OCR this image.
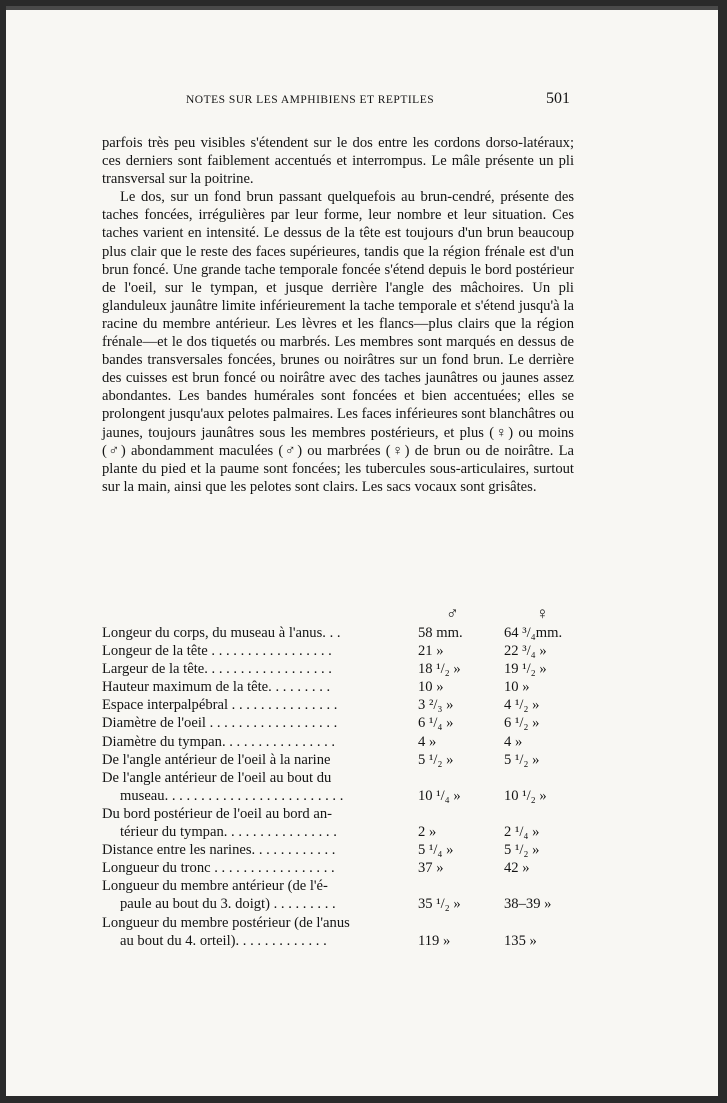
NOTES SUR LES AMPHIBIENS ET REPTILES	501

parfois très peu visibles s'étendent sur le dos entre les cordons dorso-latéraux; ces derniers sont faiblement accentués et interrompus. Le mâle présente un pli transversal sur la poitrine.

Le dos, sur un fond brun passant quelquefois au brun-cendré, présente des taches foncées, irrégulières par leur forme, leur nombre et leur situation. Ces taches varient en intensité. Le dessus de la tête est toujours d'un brun beaucoup plus clair que le reste des faces supérieures, tandis que la région frénale est d'un brun foncé. Une grande tache temporale foncée s'étend depuis le bord postérieur de l'oeil, sur le tympan, et jusque derrière l'angle des mâchoires. Un pli glanduleux jaunâtre limite inférieurement la tache temporale et s'étend jusqu'à la racine du membre antérieur. Les lèvres et les flancs—plus clairs que la région frénale—et le dos tiquetés ou marbrés. Les membres sont marqués en dessus de bandes transversales foncées, brunes ou noirâtres sur un fond brun. Le derrière des cuisses est brun foncé ou noirâtre avec des taches jaunâtres ou jaunes assez abondantes. Les bandes humérales sont foncées et bien accentuées; elles se prolongent jusqu'aux pelotes palmaires. Les faces inférieures sont blanchâtres ou jaunes, toujours jaunâtres sous les membres postérieurs, et plus (♀) ou moins (♂) abondamment maculées (♂) ou marbrées (♀) de brun ou de noirâtre. La plante du pied et la paume sont foncées; les tubercules sous-articulaires, surtout sur la main, ainsi que les pelotes sont clairs. Les sacs vocaux sont grisâtes.

♂	♀
Longeur du corps, du museau à l'anus. . .	58 mm.	64 ³/₄mm.
Longeur de la tête . . . . . . . . . . . . . . . . .	21 »	22 ³/₄ »
Largeur de la tête. . . . . . . . . . . . . . . . . .	18 ¹/₂ »	19 ¹/₂ »
Hauteur maximum de la tête. . . . . . . . .	10 »	10 »
Espace interpalpébral . . . . . . . . . . . . . . .	3 ²/₃ »	4 ¹/₂ »
Diamètre de l'oeil . . . . . . . . . . . . . . . . . .	6 ¹/₄ »	6 ¹/₂ »
Diamètre du tympan. . . . . . . . . . . . . . . .	4 »	4 »
De l'angle antérieur de l'oeil à la narine	5 ¹/₂ »	5 ¹/₂ »
De l'angle antérieur de l'oeil au bout du
museau. . . . . . . . . . . . . . . . . . . . . . . . .	10 ¹/₄ »	10 ¹/₂ »
Du bord postérieur de l'oeil au bord an-
térieur du tympan. . . . . . . . . . . . . . . .	2 »	2 ¹/₄ »
Distance entre les narines. . . . . . . . . . . .	5 ¹/₄ »	5 ¹/₂ »
Longueur du tronc . . . . . . . . . . . . . . . . .	37 »	42 »
Longueur du membre antérieur (de l'é-
paule au bout du 3. doigt) . . . . . . . . .	35 ¹/₂ »	38–39 »
Longueur du membre postérieur (de l'anus
au bout du 4. orteil). . . . . . . . . . . . .	119 »	135 »
